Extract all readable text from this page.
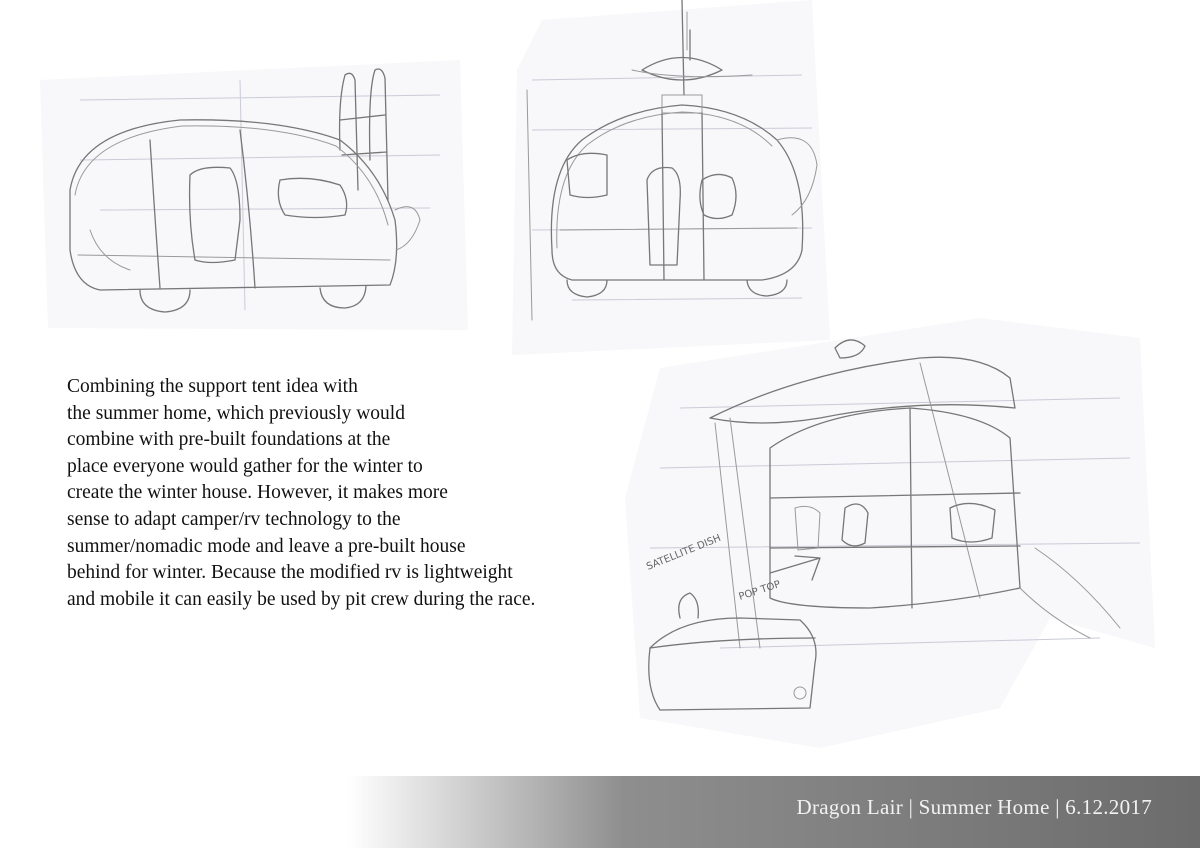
SATELLITE DISH
POP TOP
Combining the support tent idea with
the summer home, which previously would
combine with pre-built foundations at the
place everyone would gather for the winter to
create the winter house. However, it makes more
sense to adapt camper/rv technology to the
summer/nomadic mode and leave a pre-built house
behind for winter. Because the modified rv is lightweight
and mobile it can easily be used by pit crew during the race.
Dragon Lair | Summer Home | 6.12.2017
